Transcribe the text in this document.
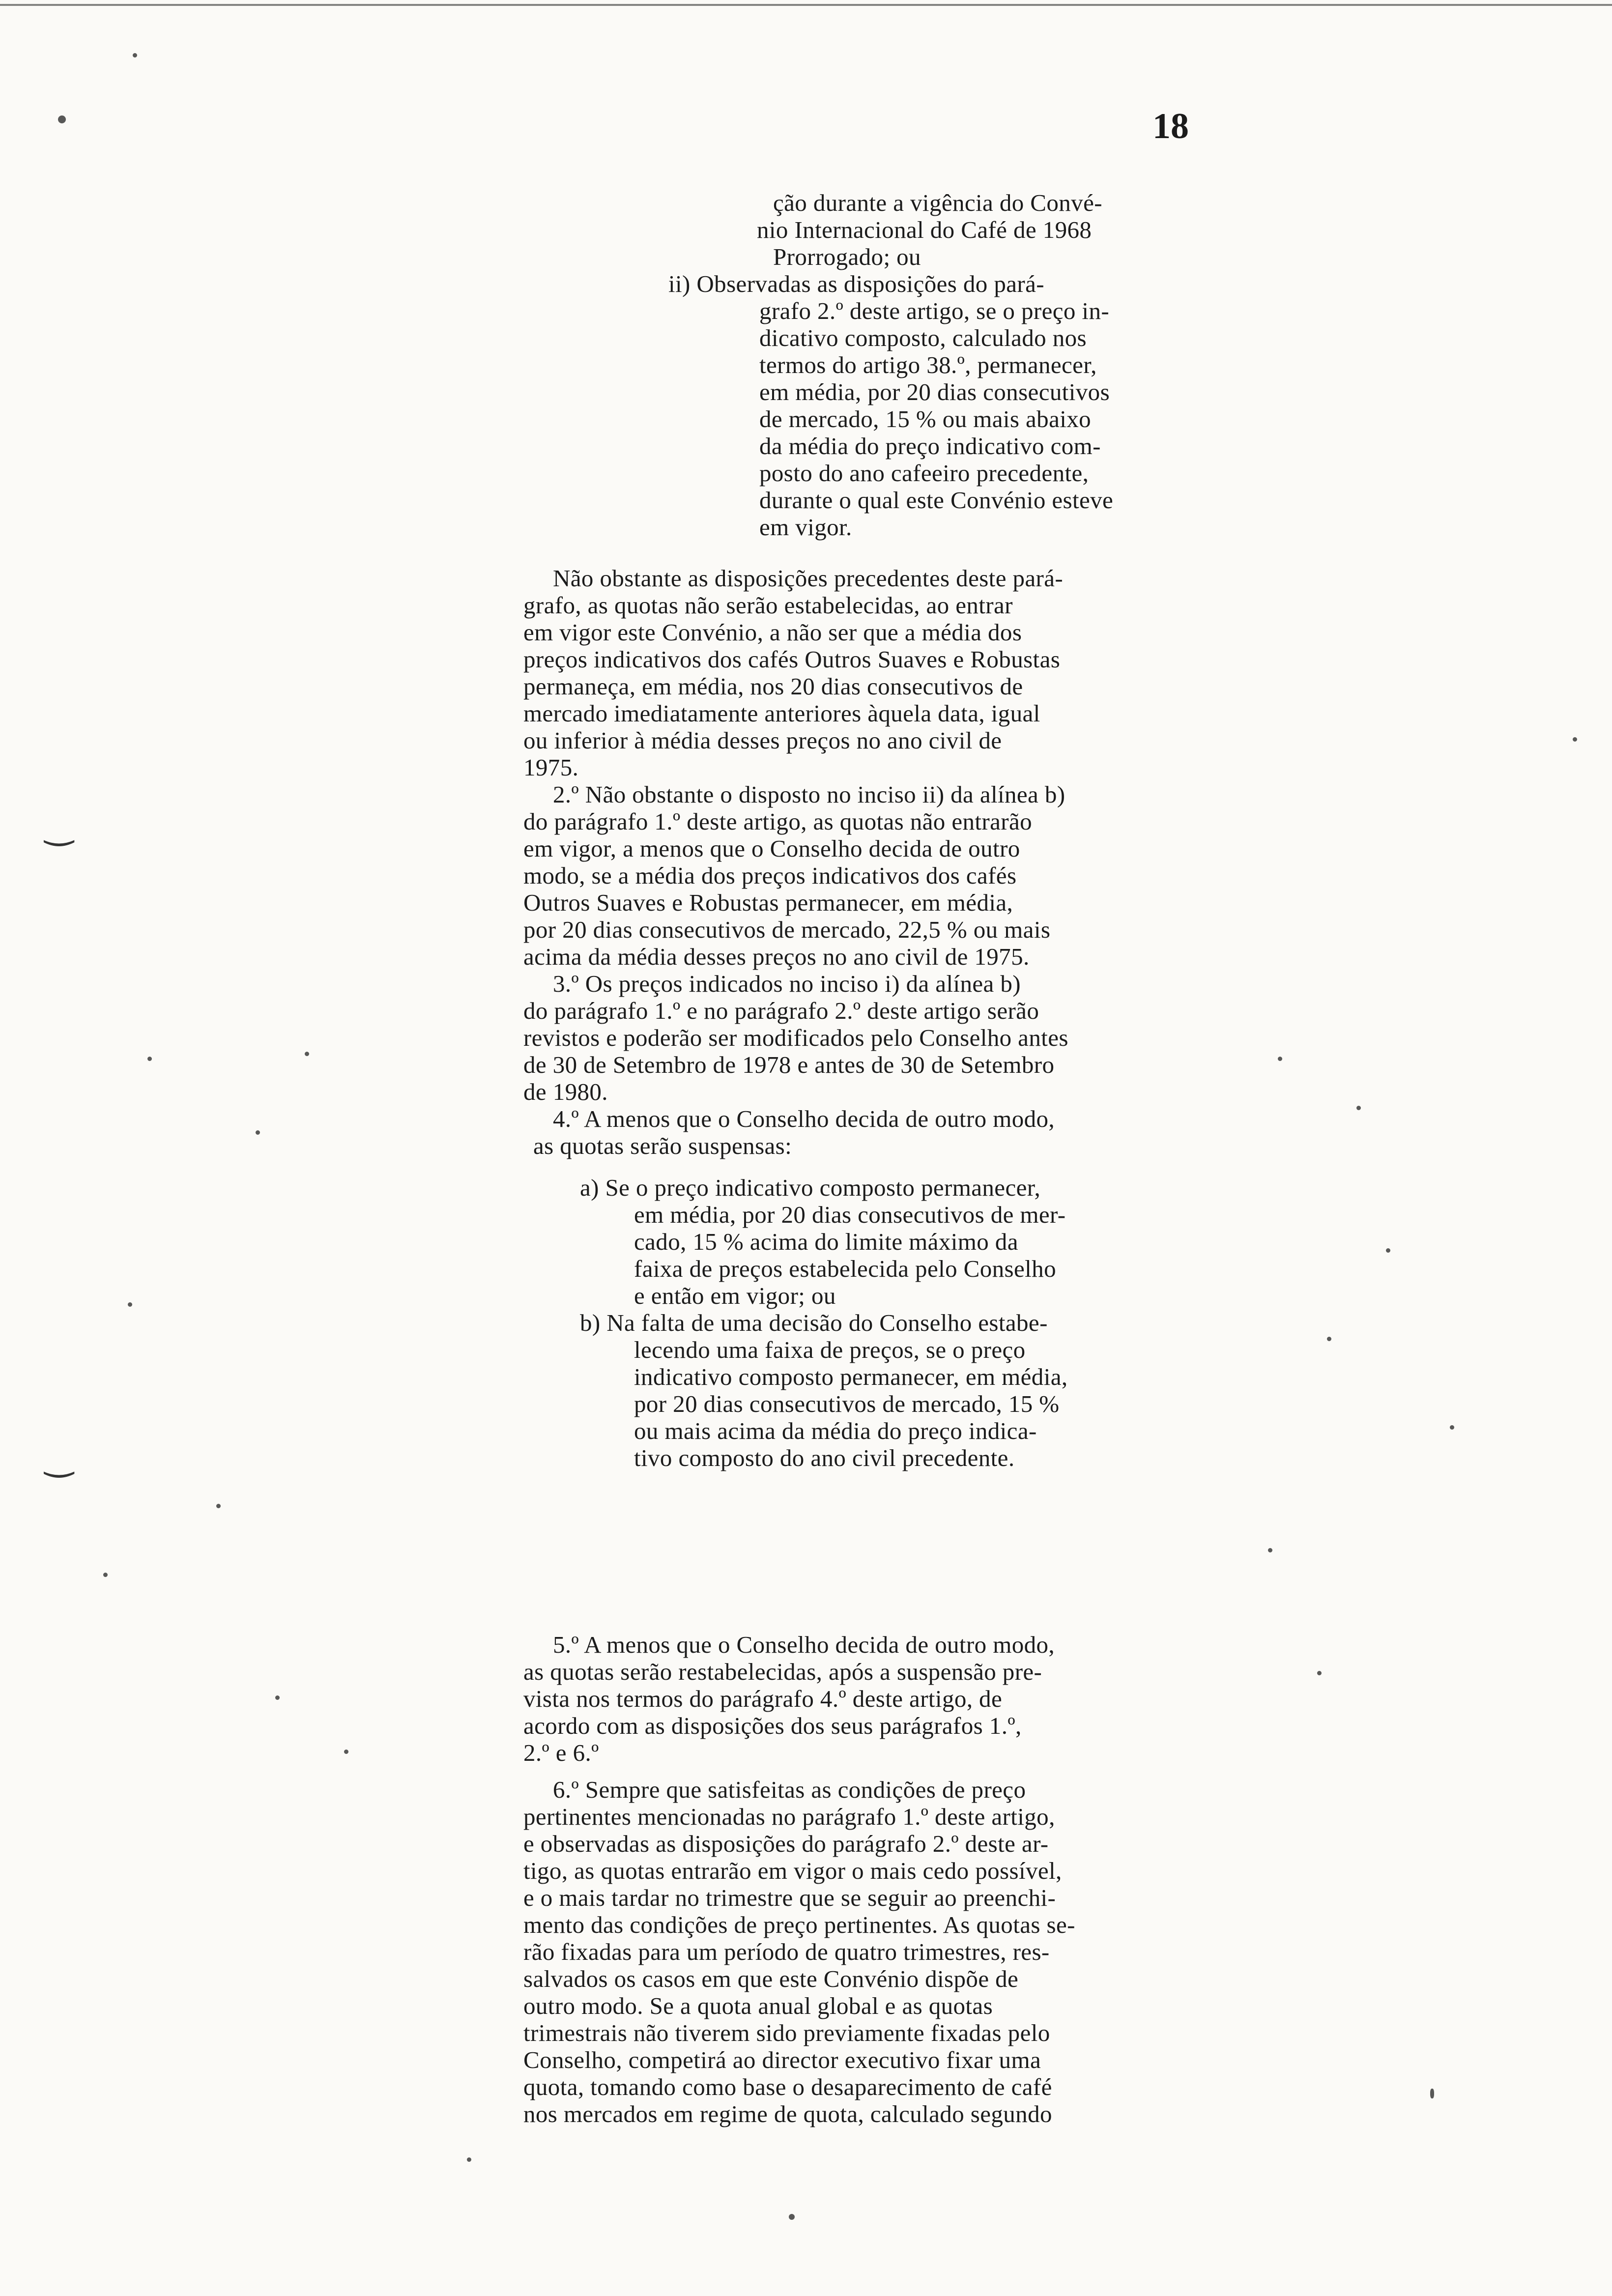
18
ção durante a vigência do Convé-
nio Internacional do Café de 1968
Prorrogado; ou
ii) Observadas as disposições do pará-
grafo 2.º deste artigo, se o preço in-
dicativo composto, calculado nos
termos do artigo 38.º, permanecer,
em média, por 20 dias consecutivos
de mercado, 15 % ou mais abaixo
da média do preço indicativo com-
posto do ano cafeeiro precedente,
durante o qual este Convénio esteve
em vigor.
Não obstante as disposições precedentes deste pará-
grafo, as quotas não serão estabelecidas, ao entrar
em vigor este Convénio, a não ser que a média dos
preços indicativos dos cafés Outros Suaves e Robustas
permaneça, em média, nos 20 dias consecutivos de
mercado imediatamente anteriores àquela data, igual
ou inferior à média desses preços no ano civil de
1975.
2.º Não obstante o disposto no inciso ii) da alínea b)
do parágrafo 1.º deste artigo, as quotas não entrarão
em vigor, a menos que o Conselho decida de outro
modo, se a média dos preços indicativos dos cafés
Outros Suaves e Robustas permanecer, em média,
por 20 dias consecutivos de mercado, 22,5 % ou mais
acima da média desses preços no ano civil de 1975.
3.º Os preços indicados no inciso i) da alínea b)
do parágrafo 1.º e no parágrafo 2.º deste artigo serão
revistos e poderão ser modificados pelo Conselho antes
de 30 de Setembro de 1978 e antes de 30 de Setembro
de 1980.
4.º A menos que o Conselho decida de outro modo,
as quotas serão suspensas:
a) Se o preço indicativo composto permanecer,
em média, por 20 dias consecutivos de mer-
cado, 15 % acima do limite máximo da
faixa de preços estabelecida pelo Conselho
e então em vigor; ou
b) Na falta de uma decisão do Conselho estabe-
lecendo uma faixa de preços, se o preço
indicativo composto permanecer, em média,
por 20 dias consecutivos de mercado, 15 %
ou mais acima da média do preço indica-
tivo composto do ano civil precedente.
5.º A menos que o Conselho decida de outro modo,
as quotas serão restabelecidas, após a suspensão pre-
vista nos termos do parágrafo 4.º deste artigo, de
acordo com as disposições dos seus parágrafos 1.º,
2.º e 6.º
6.º Sempre que satisfeitas as condições de preço
pertinentes mencionadas no parágrafo 1.º deste artigo,
e observadas as disposições do parágrafo 2.º deste ar-
tigo, as quotas entrarão em vigor o mais cedo possível,
e o mais tardar no trimestre que se seguir ao preenchi-
mento das condições de preço pertinentes. As quotas se-
rão fixadas para um período de quatro trimestres, res-
salvados os casos em que este Convénio dispõe de
outro modo. Se a quota anual global e as quotas
trimestrais não tiverem sido previamente fixadas pelo
Conselho, competirá ao director executivo fixar uma
quota, tomando como base o desaparecimento de café
nos mercados em regime de quota, calculado segundo
‿
‿
